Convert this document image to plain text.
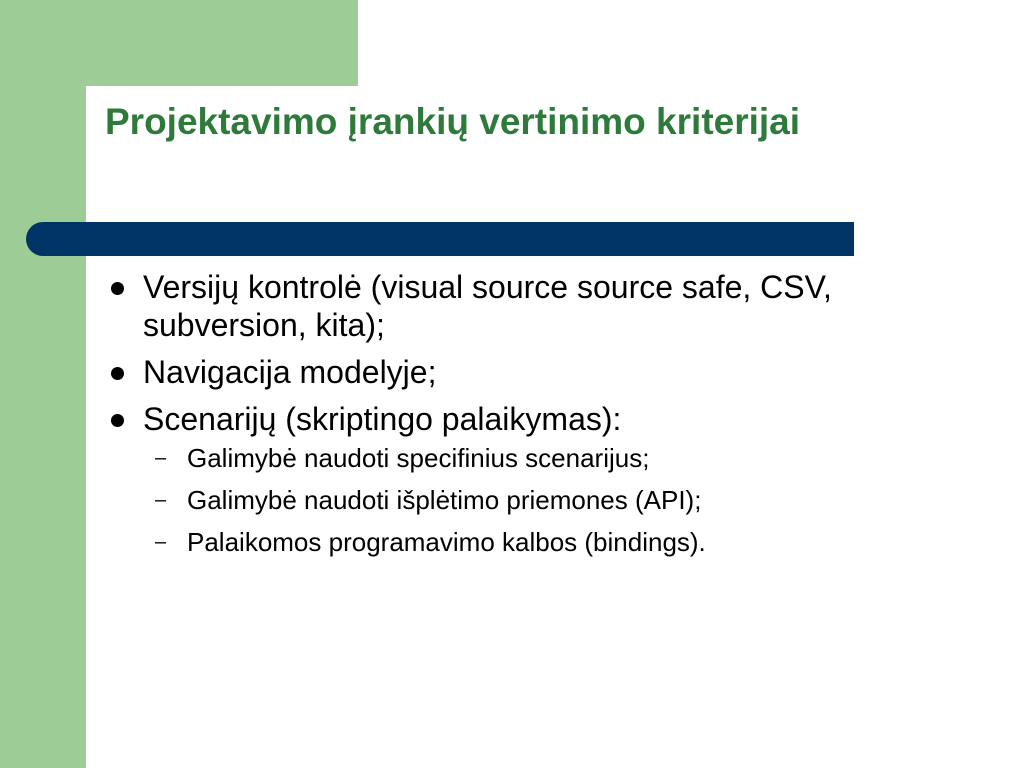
Projektavimo įrankių vertinimo kriterijai
Versijų kontrolė (visual source source safe, CSV, subversion, kita);
Navigacija modelyje;
Scenarijų (skriptingo palaikymas):
– Galimybė naudoti specifinius scenarijus;
– Galimybė naudoti išplėtimo priemones (API);
– Palaikomos programavimo kalbos (bindings).
